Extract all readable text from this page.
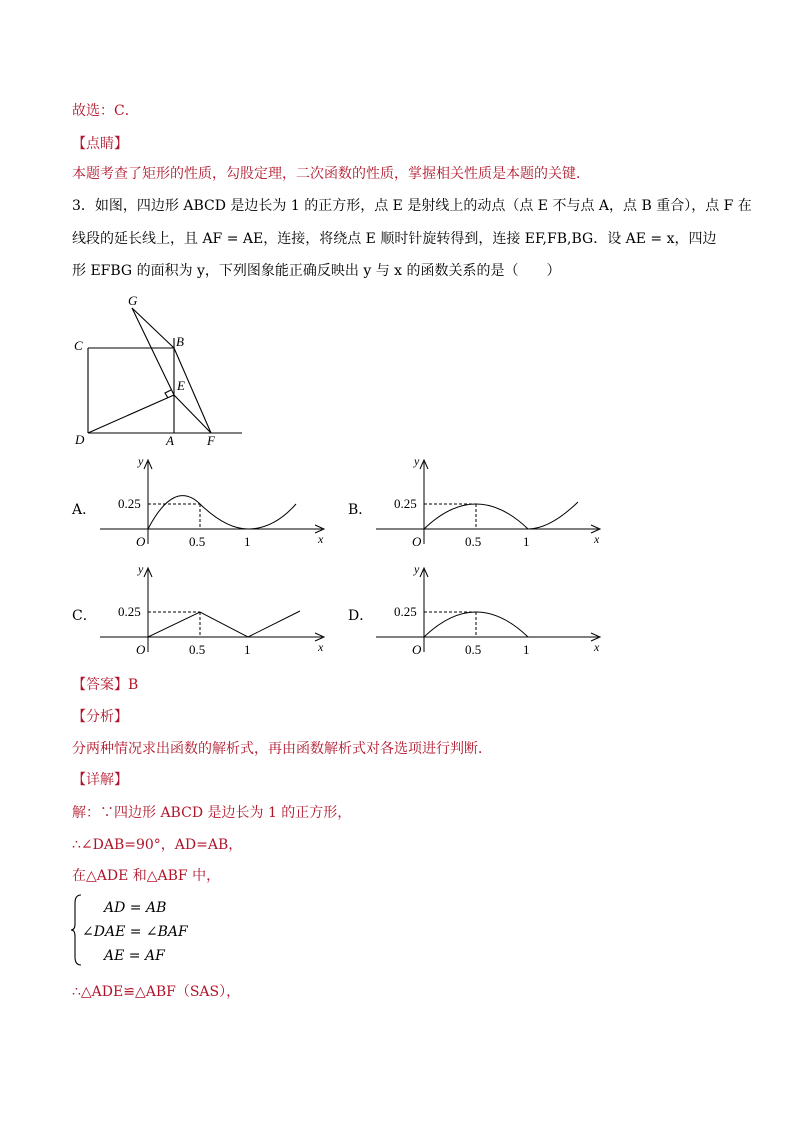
故选：C．
【点睛】
本题考查了矩形的性质，勾股定理，二次函数的性质，掌握相关性质是本题的关键．
3．如图，四边形 ABCD 是边长为 1 的正方形，点 E 是射线上的动点（点 E 不与点 A，点 B 重合），点 F 在
线段的延长线上，且 AF = AE，连接，将绕点 E 顺时针旋转得到，连接 EF,FB,BG．设 AE = x，四边
形 EFBG 的面积为 y，下列图象能正确反映出 y 与 x 的函数关系的是（　　）
G
C	B
E
D	A	F
A．
y
x
O
0.25
0.5	1
B．
y
x
O
0.25
0.5	1
C．
y
x
O
0.25
0.5	1
D．
y
x
O
0.25
0.5	1
【答案】B
【分析】
分两种情况求出函数的解析式，再由函数解析式对各选项进行判断．
【详解】
解：∵四边形 ABCD 是边长为 1 的正方形，
∴∠DAB=90°，AD=AB，
在△ADE 和△ABF 中，
AD = AB
∠DAE = ∠BAF
AE = AF
∴△ADE≌△ABF（SAS），
